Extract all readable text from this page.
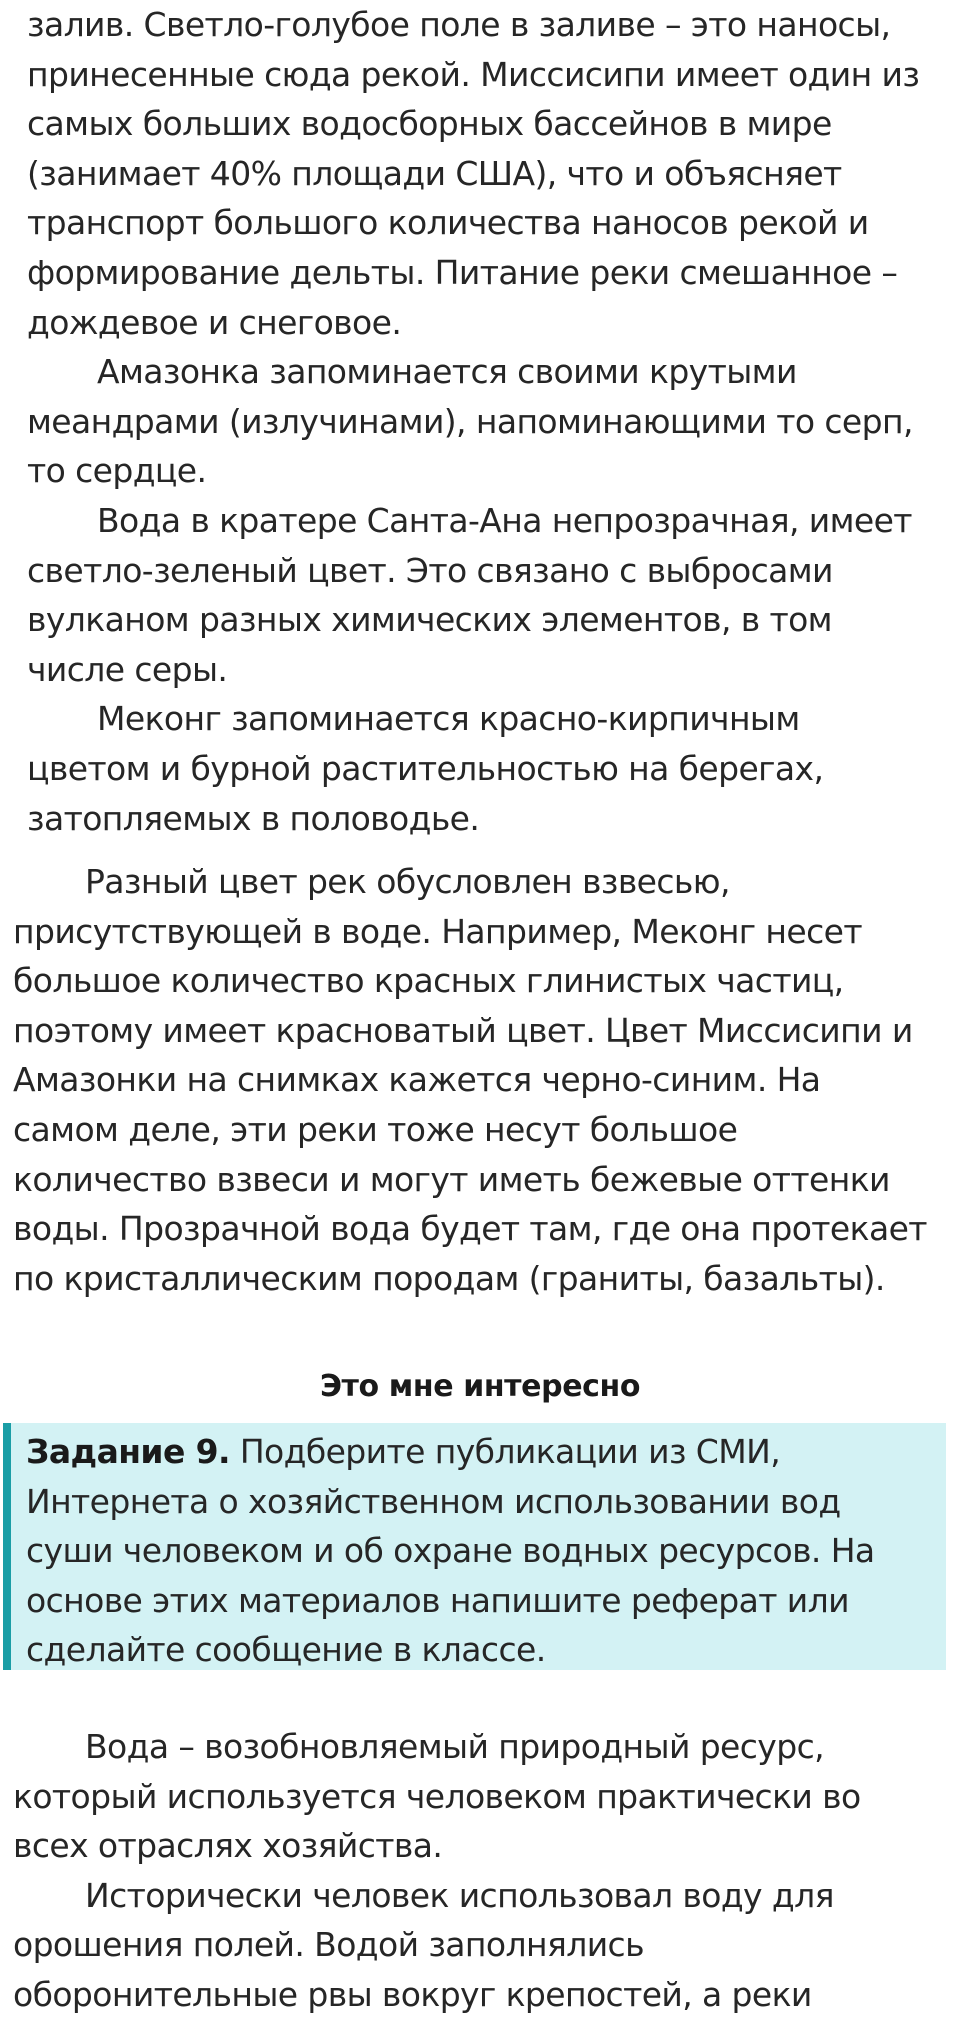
залив. Светло-голубое поле в заливе – это наносы,
принесенные сюда рекой. Миссисипи имеет один из
самых больших водосборных бассейнов в мире
(занимает 40% площади США), что и объясняет
транспорт большого количества наносов рекой и
формирование дельты. Питание реки смешанное –
дождевое и снеговое.
Амазонка запоминается своими крутыми
меандрами (излучинами), напоминающими то серп,
то сердце.
Вода в кратере Санта-Ана непрозрачная, имеет
светло-зеленый цвет. Это связано с выбросами
вулканом разных химических элементов, в том
числе серы.
Меконг запоминается красно-кирпичным
цветом и бурной растительностью на берегах,
затопляемых в половодье.
Разный цвет рек обусловлен взвесью,
присутствующей в воде. Например, Меконг несет
большое количество красных глинистых частиц,
поэтому имеет красноватый цвет. Цвет Миссисипи и
Амазонки на снимках кажется черно-синим. На
самом деле, эти реки тоже несут большое
количество взвеси и могут иметь бежевые оттенки
воды. Прозрачной вода будет там, где она протекает
по кристаллическим породам (граниты, базальты).
Это мне интересно
Задание 9. Подберите публикации из СМИ,
Интернета о хозяйственном использовании вод
суши человеком и об охране водных ресурсов. На
основе этих материалов напишите реферат или
сделайте сообщение в классе.
Вода – возобновляемый природный ресурс,
который используется человеком практически во
всех отраслях хозяйства.
Исторически человек использовал воду для
орошения полей. Водой заполнялись
оборонительные рвы вокруг крепостей, а реки
